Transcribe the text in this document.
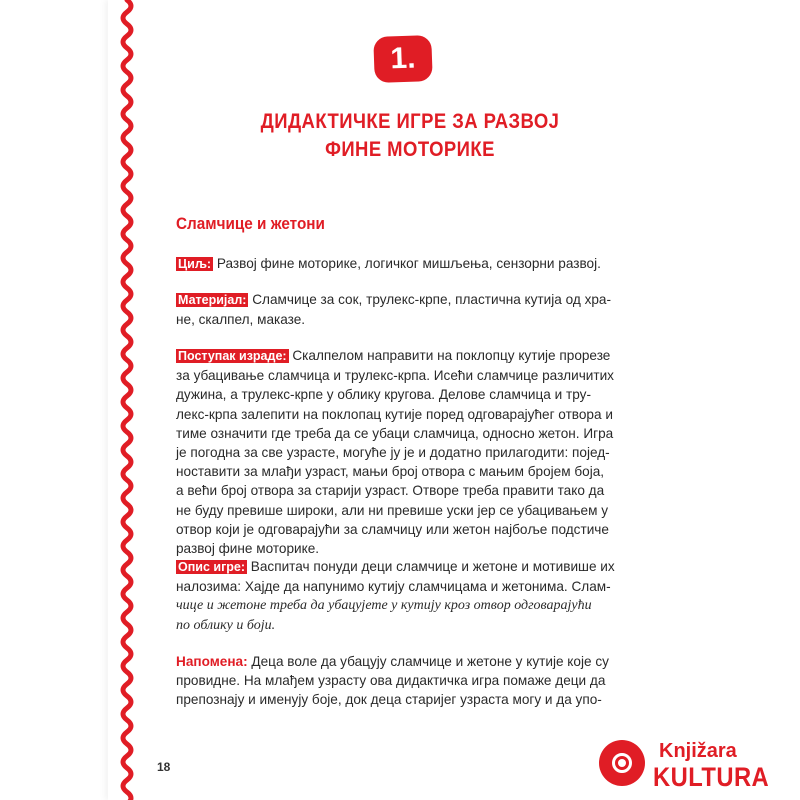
1.
ДИДАКТИЧКЕ ИГРЕ ЗА РАЗВОЈ
ФИНЕ МОТОРИКЕ
Сламчице и жетони
Циљ: Развој фине моторике, логичког мишљења, сензорни развој.
Материјал: Сламчице за сок, трулекс-крпе, пластична кутија од хра-
не, скалпел, маказе.
Поступак израде: Скалпелом направити на поклопцу кутије прорезе
за убацивање сламчица и трулекс-крпа. Исећи сламчице различитих
дужина, а трулекс-крпе у облику кругова. Делове сламчица и тру-
лекс-крпа залепити на поклопац кутије поред одговарајућег отвора и
тиме означити где треба да се убаци сламчица, односно жетон. Игра
је погодна за све узрасте, могуће ју је и додатно прилагодити: поjед-
ноставити за млађи узраст, мањи број отвора с мањим бројем боја,
а већи број отвора за старији узраст. Отворе треба правити тако да
не буду превише широки, али ни превише уски јер се убацивањем у
отвор који је одговарајући за сламчицу или жетон најбоље подстиче
развој фине моторике.
Опис игре: Васпитач понуди деци сламчице и жетоне и мотивише их
налозима: Хајде да напунимо кутију сламчицама и жетонима. Слам-
чице и жетоне треба да убацујете у кутију кроз отвор одговарајући
по облику и боји.
Напомена: Деца воле да убацују сламчице и жетоне у кутије које су
провидне. На млађем узрасту ова дидактичка игра помаже деци да
препознају и именују боје, док деца старијег узраста могу и да упо-
18
Knjižara
KULTURA
